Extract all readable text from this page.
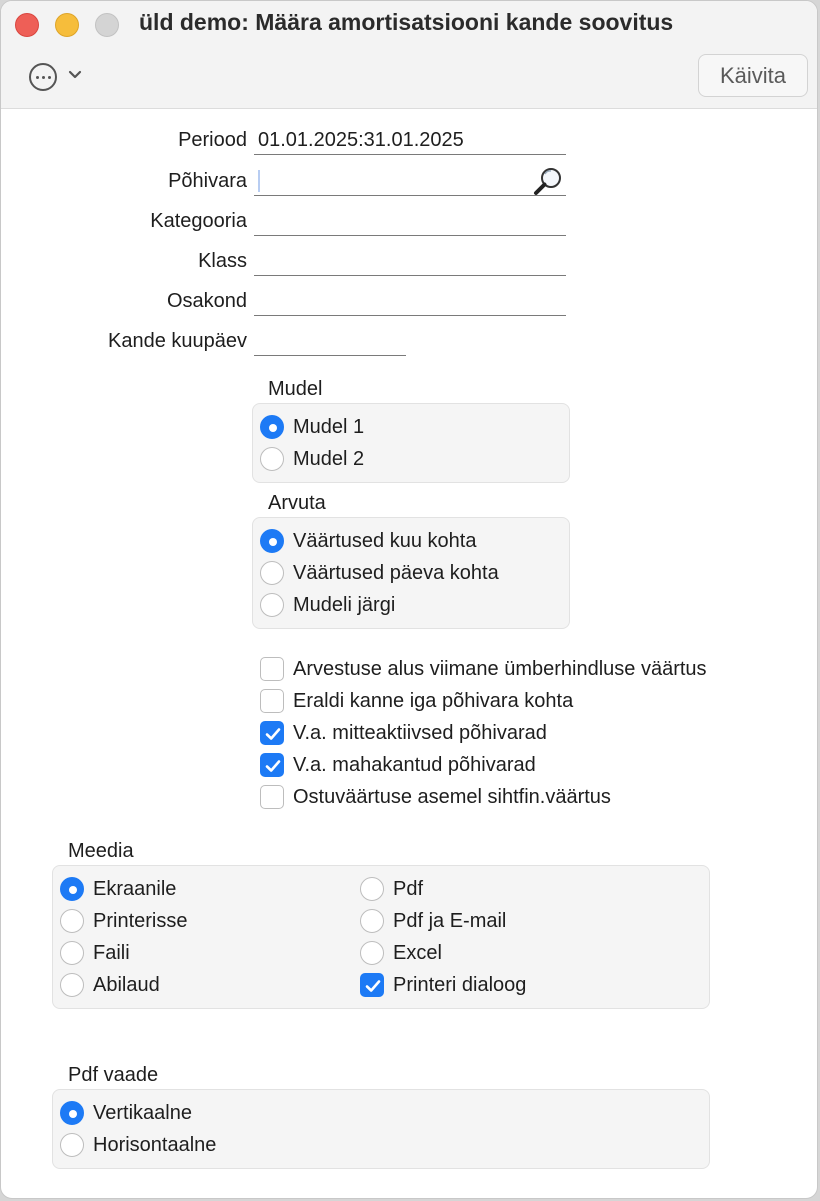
üld demo: Määra amortisatsiooni kande soovitus
Käivita
Periood 01.01.2025:31.01.2025
Põhivara
Kategooria
Klass
Osakond
Kande kuupäev
Mudel
Mudel 1
Mudel 2
Arvuta
Väärtused kuu kohta
Väärtused päeva kohta
Mudeli järgi
Arvestuse alus viimane ümberhindluse väärtus
Eraldi kanne iga põhivara kohta
V.a. mitteaktiivsed põhivarad
V.a. mahakantud põhivarad
Ostuväärtuse asemel sihtfin.väärtus
Meedia
Ekraanile
Printerisse
Faili
Abilaud
Pdf
Pdf ja E-mail
Excel
Printeri dialoog
Pdf vaade
Vertikaalne
Horisontaalne
